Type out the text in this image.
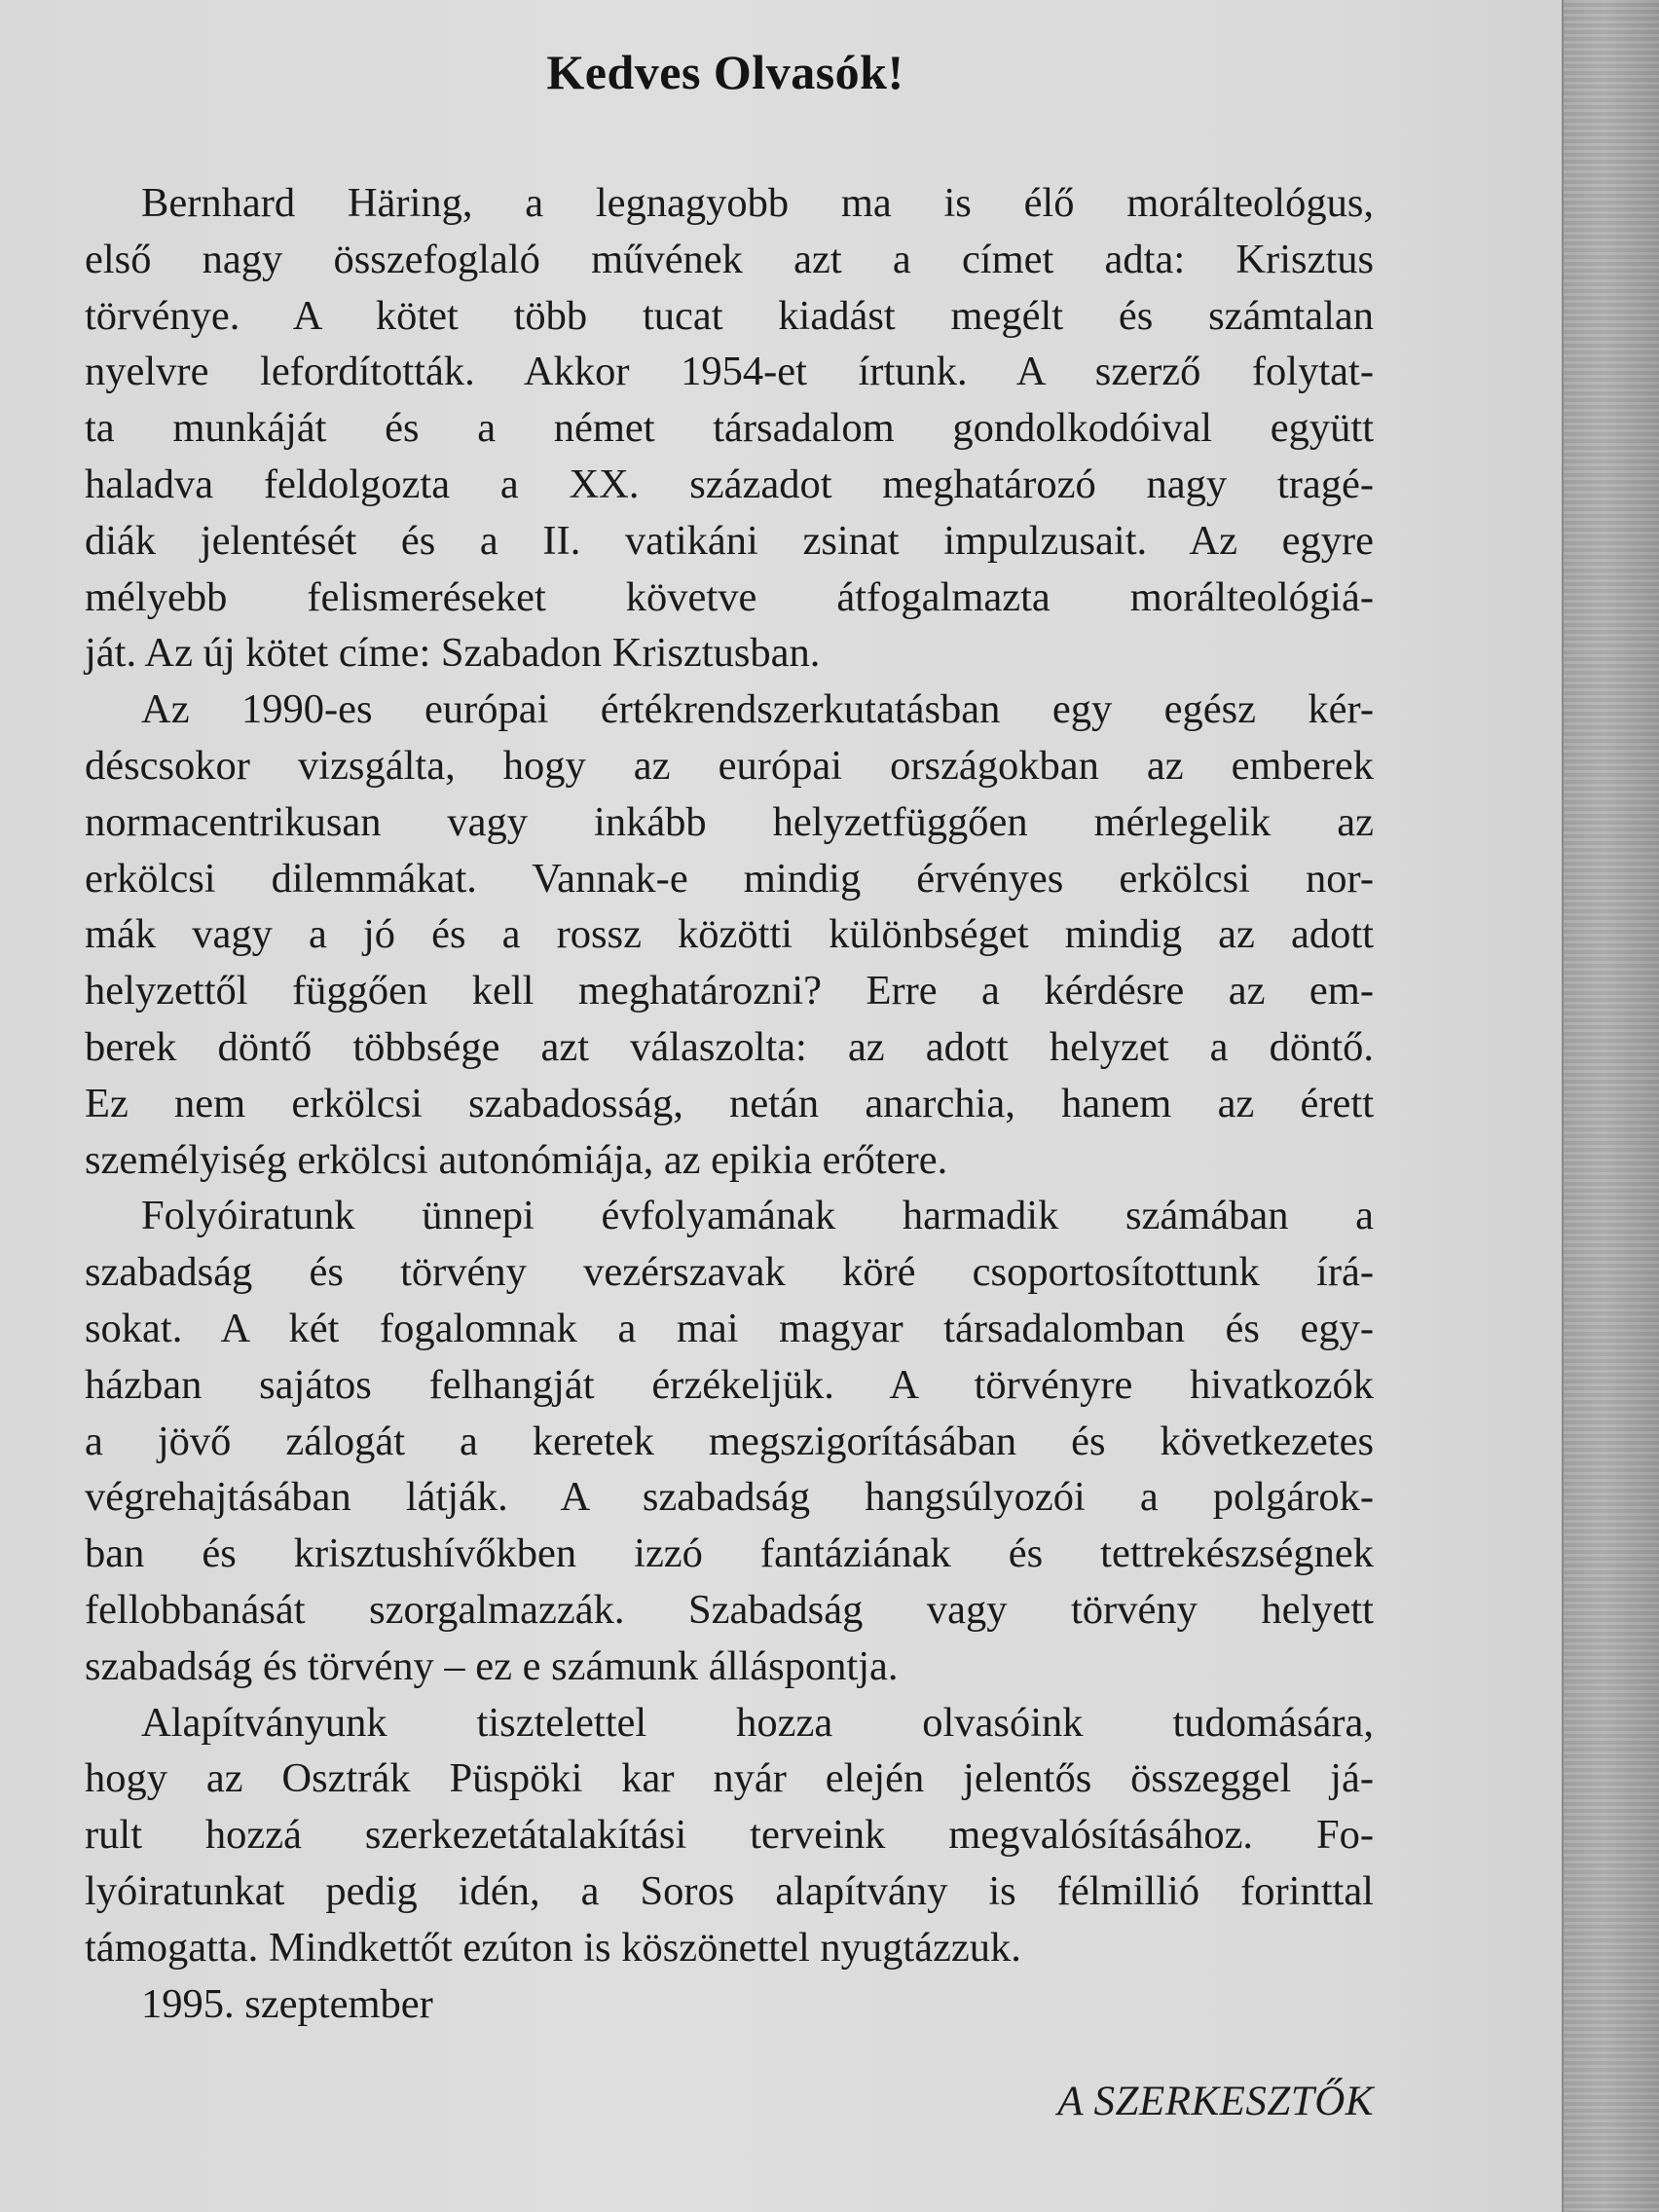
Kedves Olvasók!
Bernhard Häring, a legnagyobb ma is élő morálteológus,
első nagy összefoglaló művének azt a címet adta: Krisztus
törvénye. A kötet több tucat kiadást megélt és számtalan
nyelvre lefordították. Akkor 1954-et írtunk. A szerző folytat-
ta munkáját és a német társadalom gondolkodóival együtt
haladva feldolgozta a XX. századot meghatározó nagy tragé-
diák jelentését és a II. vatikáni zsinat impulzusait. Az egyre
mélyebb felismeréseket követve átfogalmazta morálteológiá-
ját. Az új kötet címe: Szabadon Krisztusban.
Az 1990-es európai értékrendszerkutatásban egy egész kér-
déscsokor vizsgálta, hogy az európai országokban az emberek
normacentrikusan vagy inkább helyzetfüggően mérlegelik az
erkölcsi dilemmákat. Vannak-e mindig érvényes erkölcsi nor-
mák vagy a jó és a rossz közötti különbséget mindig az adott
helyzettől függően kell meghatározni? Erre a kérdésre az em-
berek döntő többsége azt válaszolta: az adott helyzet a döntő.
Ez nem erkölcsi szabadosság, netán anarchia, hanem az érett
személyiség erkölcsi autonómiája, az epikia erőtere.
Folyóiratunk ünnepi évfolyamának harmadik számában a
szabadság és törvény vezérszavak köré csoportosítottunk írá-
sokat. A két fogalomnak a mai magyar társadalomban és egy-
házban sajátos felhangját érzékeljük. A törvényre hivatkozók
a jövő zálogát a keretek megszigorításában és következetes
végrehajtásában látják. A szabadság hangsúlyozói a polgárok-
ban és krisztushívőkben izzó fantáziának és tettrekészségnek
fellobbanását szorgalmazzák. Szabadság vagy törvény helyett
szabadság és törvény – ez e számunk álláspontja.
Alapítványunk tisztelettel hozza olvasóink tudomására,
hogy az Osztrák Püspöki kar nyár elején jelentős összeggel já-
rult hozzá szerkezetátalakítási terveink megvalósításához. Fo-
lyóiratunkat pedig idén, a Soros alapítvány is félmillió forinttal
támogatta. Mindkettőt ezúton is köszönettel nyugtázzuk.
1995. szeptember
A SZERKESZTŐK
